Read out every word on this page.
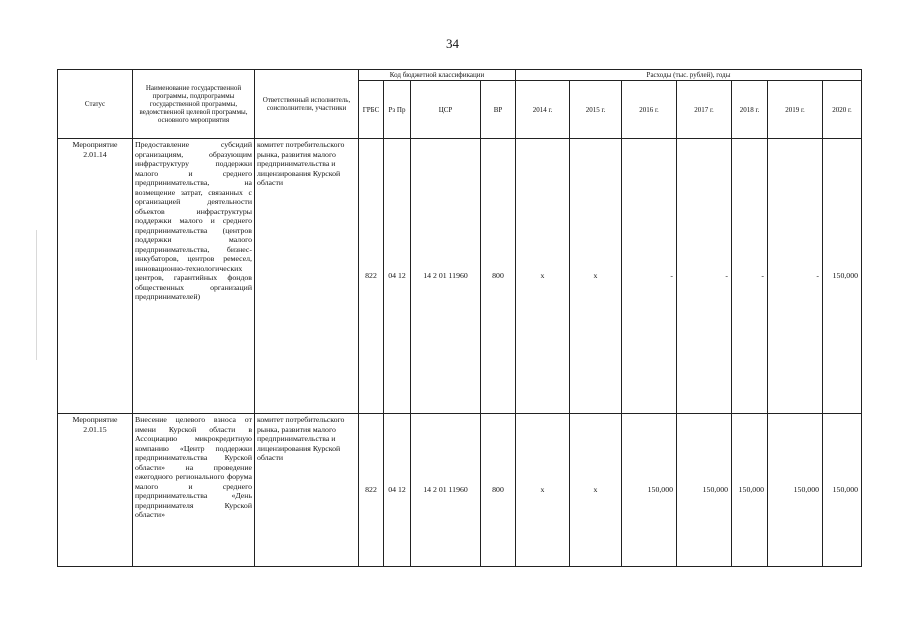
34
Статус	Наименование государственной программы, подпрограммы государственной программы, ведомственной целевой программы, основного мероприятия	Ответственный исполнитель, соисполнители, участники	Код бюджетной классификации				Расходы (тыс. рублей), годы						
			ГРБС	Рз Пр	ЦСР	ВР	2014 г.	2015 г.	2016 г.	2017 г.	2018 г.	2019 г.	2020 г.
Мероприятие 2.01.14	Предоставление субсидий организациям, образующим инфраструктуру поддержки малого и среднего предпринимательства, на возмещение затрат, связанных с организацией деятельности объектов инфраструктуры поддержки малого и среднего предпринимательства (центров поддержки малого предпринимательства, бизнес-инкубаторов, центров ремесел, инновационно-технологических центров, гарантийных фондов общественных организаций предпринимателей)	комитет потребительского рынка, развития малого предпринимательства и лицензирования Курской области	822	04 12	14 2 01 11960	800	x	x	-	-	-	-	150,000
Мероприятие 2.01.15	Внесение целевого взноса от имени Курской области в Ассоциацию микрокредитную компанию «Центр поддержки предпринимательства Курской области» на проведение ежегодного регионального форума малого и среднего предпринимательства «День предпринимателя Курской области»	комитет потребительского рынка, развития малого предпринимательства и лицензирования Курской области	822	04 12	14 2 01 11960	800	x	x	150,000	150,000	150,000	150,000	150,000
